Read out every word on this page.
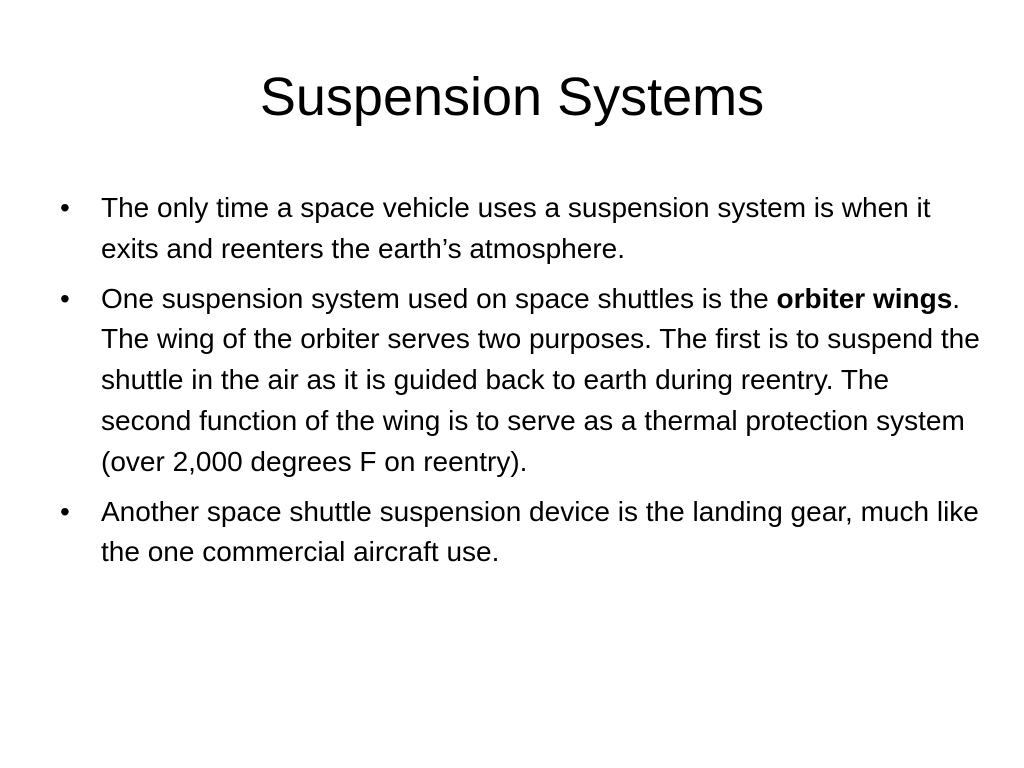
Suspension Systems
•	The only time a space vehicle uses a suspension system is when it exits and reenters the earth’s atmosphere.
•	One suspension system used on space shuttles is the orbiter wings. The wing of the orbiter serves two purposes. The first is to suspend the shuttle in the air as it is guided back to earth during reentry. The second function of the wing is to serve as a thermal protection system (over 2,000 degrees F on reentry).
•	Another space shuttle suspension device is the landing gear, much like the one commercial aircraft use.
